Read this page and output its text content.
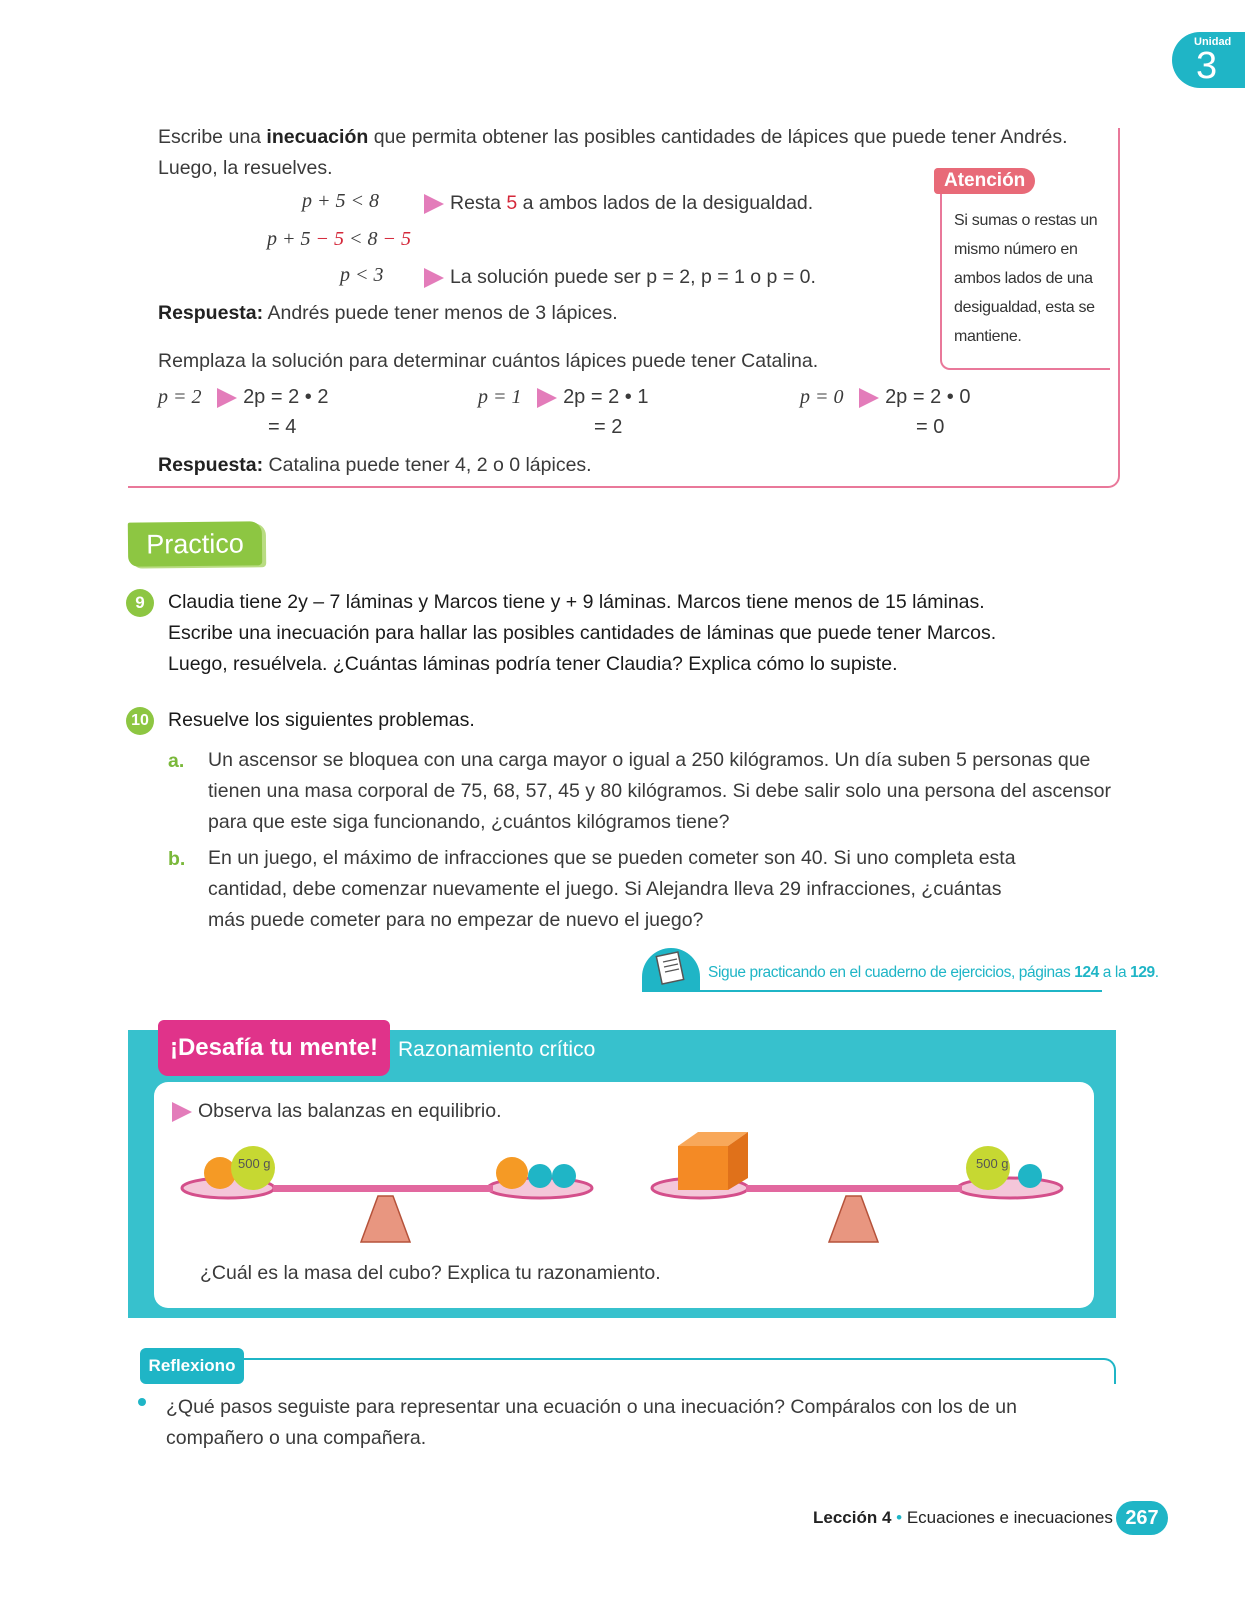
Unidad
3
Escribe una inecuación que permita obtener las posibles cantidades de lápices que puede tener Andrés.
Luego, la resuelves.
p + 5 < 8	Resta 5 a ambos lados de la desigualdad.
p + 5 − 5 < 8 − 5
p < 3	La solución puede ser p = 2, p = 1 o p = 0.
Respuesta: Andrés puede tener menos de 3 lápices.
Remplaza la solución para determinar cuántos lápices puede tener Catalina.
p = 2 2p = 2 • 2
= 4
p = 1 2p = 2 • 1
= 2
p = 0 2p = 2 • 0
= 0
Respuesta: Catalina puede tener 4, 2 o 0 lápices.
Atención
Si sumas o restas un mismo número en ambos lados de una desigualdad, esta se mantiene.
Practico
9	Claudia tiene 2y – 7 láminas y Marcos tiene y + 9 láminas. Marcos tiene menos de 15 láminas.
Escribe una inecuación para hallar las posibles cantidades de láminas que puede tener Marcos.
Luego, resuélvela. ¿Cuántas láminas podría tener Claudia? Explica cómo lo supiste.
10 Resuelve los siguientes problemas.
a. Un ascensor se bloquea con una carga mayor o igual a 250 kilógramos. Un día suben 5 personas que
tienen una masa corporal de 75, 68, 57, 45 y 80 kilógramos. Si debe salir solo una persona del ascensor
para que este siga funcionando, ¿cuántos kilógramos tiene?
b. En un juego, el máximo de infracciones que se pueden cometer son 40. Si uno completa esta
cantidad, debe comenzar nuevamente el juego. Si Alejandra lleva 29 infracciones, ¿cuántas
más puede cometer para no empezar de nuevo el juego?
Sigue practicando en el cuaderno de ejercicios, páginas 124 a la 129.
¡Desafía tu mente! Razonamiento crítico
Observa las balanzas en equilibrio.
500 g	500 g
¿Cuál es la masa del cubo? Explica tu razonamiento.
Reflexiono
¿Qué pasos seguiste para representar una ecuación o una inecuación? Compáralos con los de un
compañero o una compañera.
Lección 4 • Ecuaciones e inecuaciones 267
